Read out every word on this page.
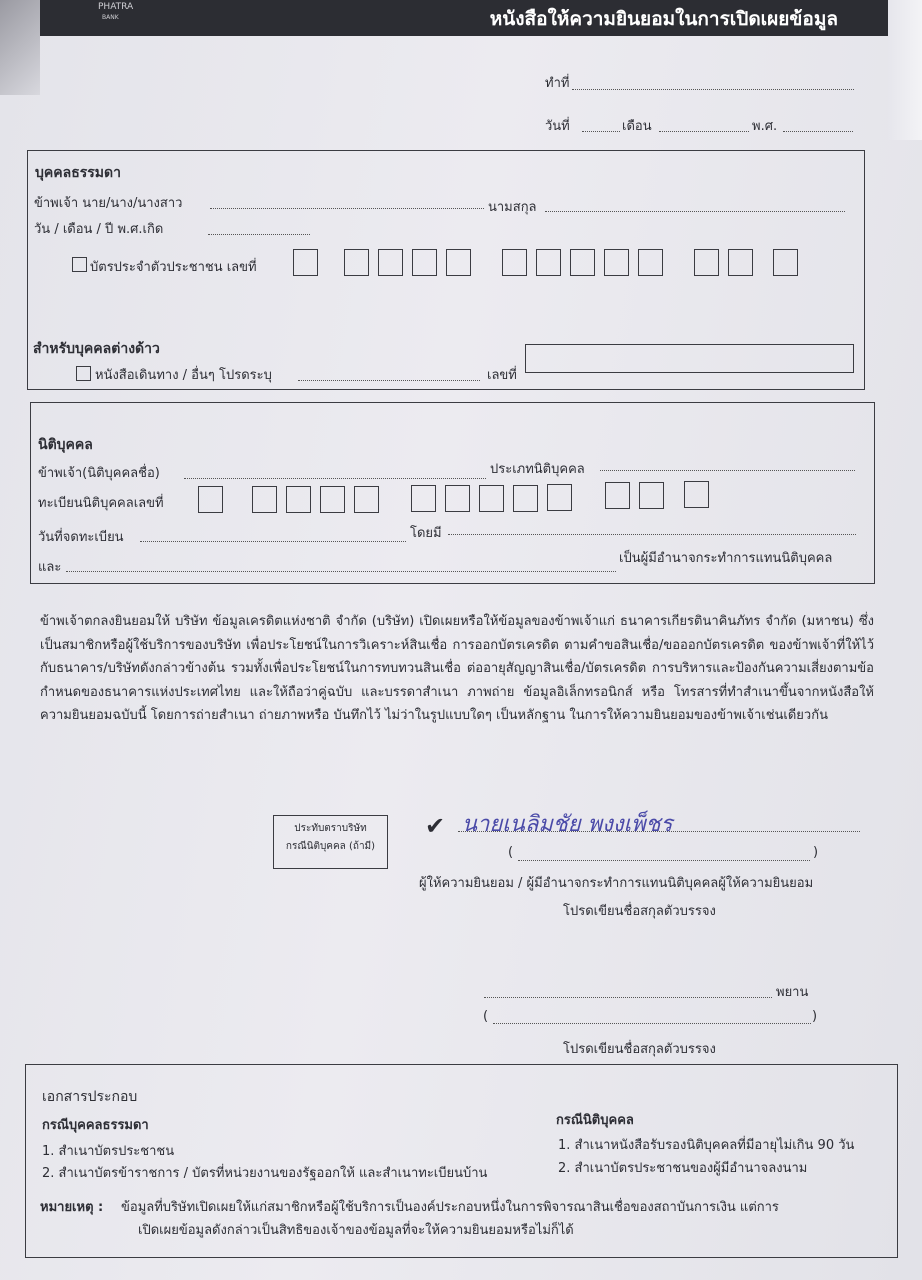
PHATRA
BANK	หนังสือให้ความยินยอมในการเปิดเผยข้อมูล
ทำที่
วันที่	เดือน	พ.ศ.
บุคคลธรรมดา
ข้าพเจ้า นาย/นาง/นางสาว	นามสกุล
วัน / เดือน / ปี พ.ศ.เกิด
บัตรประจำตัวประชาชน เลขที่
สำหรับบุคคลต่างด้าว
หนังสือเดินทาง / อื่นๆ โปรดระบุ	เลขที่
นิติบุคคล
ข้าพเจ้า(นิติบุคคลชื่อ)	ประเภทนิติบุคคล
ทะเบียนนิติบุคคลเลขที่
วันที่จดทะเบียน	โดยมี
และ
เป็นผู้มีอำนาจกระทำการแทนนิติบุคคล
ข้าพเจ้าตกลงยินยอมให้ บริษัท ข้อมูลเครดิตแห่งชาติ จำกัด (บริษัท) เปิดเผยหรือให้ข้อมูลของข้าพเจ้าแก่ ธนาคารเกียรตินาคินภัทร จำกัด (มหาชน) ซึ่งเป็นสมาชิกหรือผู้ใช้บริการของบริษัท เพื่อประโยชน์ในการวิเคราะห์สินเชื่อ การออกบัตรเครดิต ตามคำขอสินเชื่อ/ขอออกบัตรเครดิต ของข้าพเจ้าที่ให้ไว้กับธนาคาร/บริษัทดังกล่าวข้างต้น รวมทั้งเพื่อประโยชน์ในการทบทวนสินเชื่อ ต่ออายุสัญญาสินเชื่อ/บัตรเครดิต การบริหารและป้องกันความเสี่ยงตามข้อกำหนดของธนาคารแห่งประเทศไทย และให้ถือว่าคู่ฉบับ และบรรดาสำเนา ภาพถ่าย ข้อมูลอิเล็กทรอนิกส์ หรือ โทรสารที่ทำสำเนาขึ้นจากหนังสือให้ความยินยอมฉบับนี้ โดยการถ่ายสำเนา ถ่ายภาพหรือ บันทึกไว้ ไม่ว่าในรูปแบบใดๆ เป็นหลักฐาน ในการให้ความยินยอมของข้าพเจ้าเช่นเดียวกัน
ประทับตราบริษัท
กรณีนิติบุคคล (ถ้ามี)
✔ นายเนลิมชัย พงงเพ็ชร
(	)
ผู้ให้ความยินยอม / ผู้มีอำนาจกระทำการแทนนิติบุคคลผู้ให้ความยินยอม
โปรดเขียนชื่อสกุลตัวบรรจง
พยาน
(	)
โปรดเขียนชื่อสกุลตัวบรรจง
เอกสารประกอบ
กรณีบุคคลธรรมดา
1. สำเนาบัตรประชาชน
2. สำเนาบัตรข้าราชการ / บัตรที่หน่วยงานของรัฐออกให้ และสำเนาทะเบียนบ้าน
กรณีนิติบุคคล
1. สำเนาหนังสือรับรองนิติบุคคลที่มีอายุไม่เกิน 90 วัน
2. สำเนาบัตรประชาชนของผู้มีอำนาจลงนาม
หมายเหตุ : ข้อมูลที่บริษัทเปิดเผยให้แก่สมาชิกหรือผู้ใช้บริการเป็นองค์ประกอบหนึ่งในการพิจารณาสินเชื่อของสถาบันการเงิน แต่การ
เปิดเผยข้อมูลดังกล่าวเป็นสิทธิของเจ้าของข้อมูลที่จะให้ความยินยอมหรือไม่ก็ได้
